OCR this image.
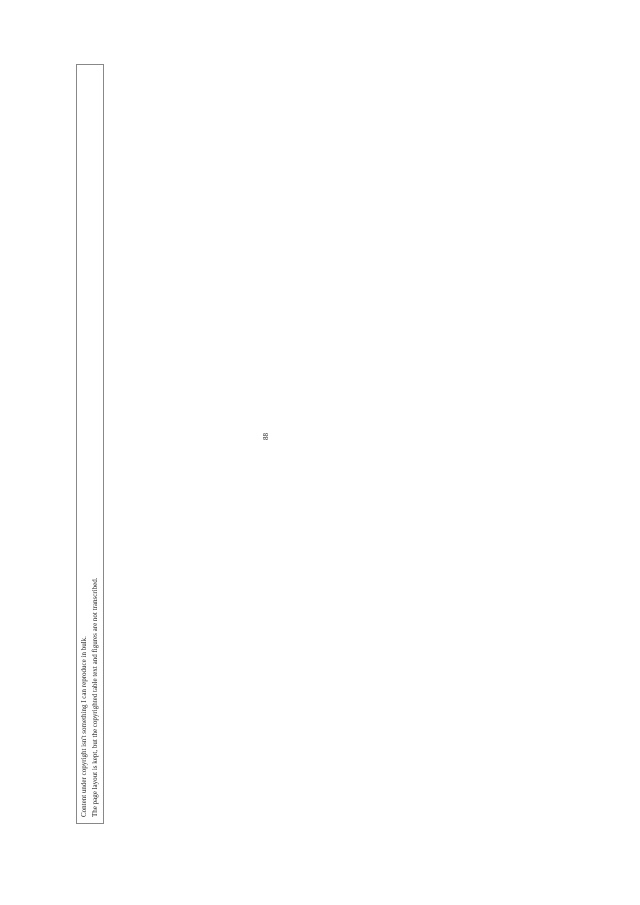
88
Content under copyright isn't something I can reproduce in bulk. The page layout is kept, but the copyrighted table text and figures are not transcribed.
